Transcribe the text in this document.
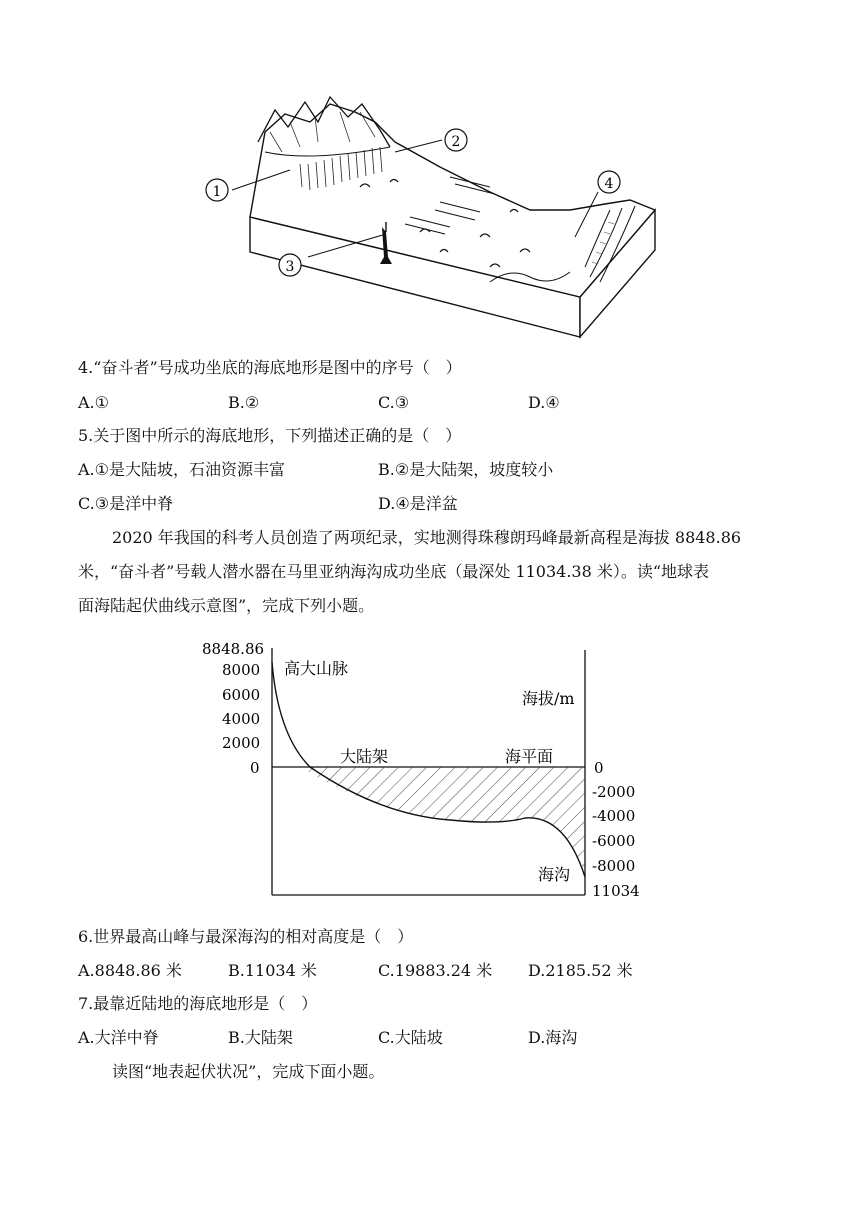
1
2
3
4
4.“奋斗者”号成功坐底的海底地形是图中的序号（　）
A.①	B.②	C.③	D.④
5.关于图中所示的海底地形，下列描述正确的是（　）
A.①是大陆坡，石油资源丰富	B.②是大陆架，坡度较小
C.③是洋中脊	D.④是洋盆
2020 年我国的科考人员创造了两项纪录，实地测得珠穆朗玛峰最新高程是海拔 8848.86
米，“奋斗者”号载人潜水器在马里亚纳海沟成功坐底（最深处 11034.38 米）。读“地球表
面海陆起伏曲线示意图”，完成下列小题。
8848.86
8000
6000
4000
2000
0	0
-2000
-4000
-6000
-8000
11034
高大山脉
大陆架	海平面
海拔/m
海沟
6.世界最高山峰与最深海沟的相对高度是（　）
A.8848.86 米	B.11034 米	C.19883.24 米 D.2185.52 米
7.最靠近陆地的海底地形是（　）
A.大洋中脊	B.大陆架	C.大陆坡	D.海沟
读图“地表起伏状况”，完成下面小题。
